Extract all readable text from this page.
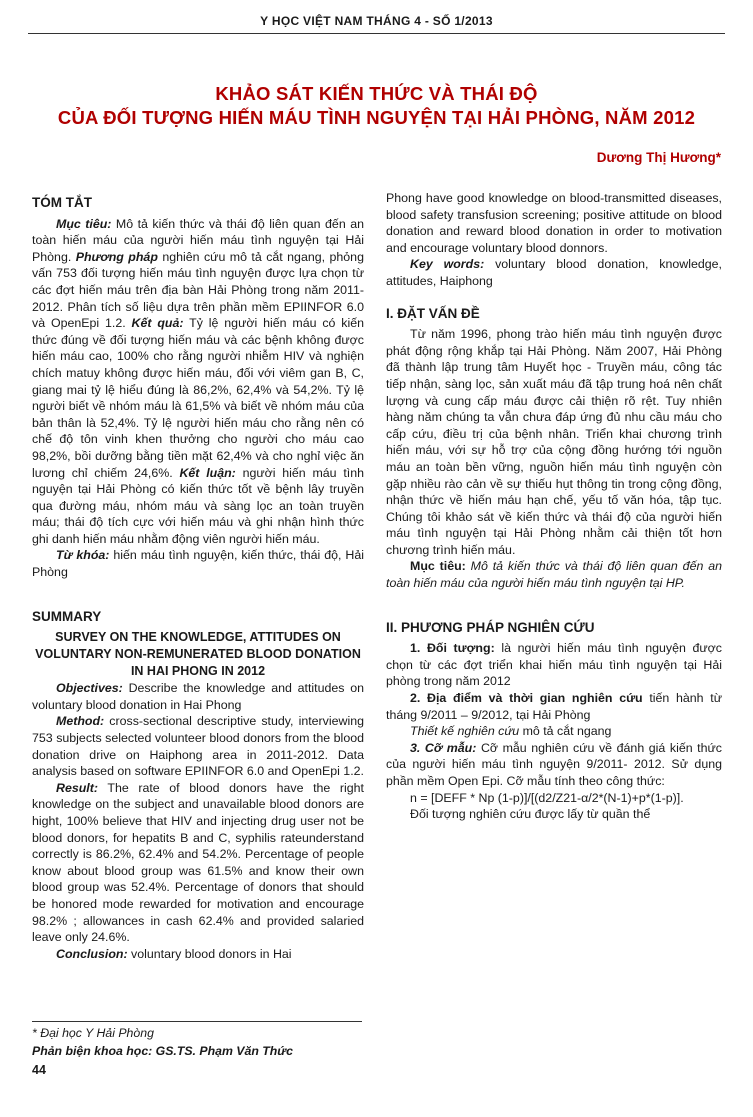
Y HỌC VIỆT NAM THÁNG 4 - SỐ 1/2013
KHẢO SÁT KIẾN THỨC VÀ THÁI ĐỘ
CỦA ĐỐI TƯỢNG HIẾN MÁU TÌNH NGUYỆN TẠI HẢI PHÒNG, NĂM 2012
Dương Thị Hương*

TÓM TẮT

Mục tiêu: Mô tả kiến thức và thái độ liên quan đến an toàn hiến máu của người hiến máu tình nguyện tại Hải Phòng. Phương pháp nghiên cứu mô tả cắt ngang, phỏng vấn 753 đối tượng hiến máu tình nguyện được lựa chọn từ các đợt hiến máu trên địa bàn Hải Phòng trong năm 2011-2012. Phân tích số liệu dựa trên phần mềm EPIINFOR 6.0 và OpenEpi 1.2. Kết quả: Tỷ lệ người hiến máu có kiến thức đúng về đối tượng hiến máu và các bệnh không được hiến máu cao, 100% cho rằng người nhiễm HIV và nghiện chích matuy không được hiến máu, đối với viêm gan B, C, giang mai tỷ lệ hiểu đúng là 86,2%, 62,4% và 54,2%. Tỷ lệ người biết về nhóm máu là 61,5% và biết về nhóm máu của bản thân là 52,4%. Tỷ lệ người hiến máu cho rằng nên có chế độ tôn vinh khen thưởng cho người cho máu cao 98,2%, bồi dưỡng bằng tiền mặt 62,4% và cho nghỉ việc ăn lương chỉ chiếm 24,6%. Kết luận: người hiến máu tình nguyện tại Hải Phòng có kiến thức tốt về bệnh lây truyền qua đường máu, nhóm máu và sàng lọc an toàn truyền máu; thái độ tích cực với hiến máu và ghi nhận hình thức ghi danh hiến máu nhằm động viên người hiến máu.

Từ khóa: hiến máu tình nguyện, kiến thức, thái độ, Hải Phòng

SUMMARY

SURVEY ON THE KNOWLEDGE, ATTITUDES ON VOLUNTARY NON-REMUNERATED BLOOD DONATION IN HAI PHONG IN 2012

Objectives: Describe the knowledge and attitudes on voluntary blood donation in Hai Phong

Method: cross-sectional descriptive study, interviewing 753 subjects selected volunteer blood donors from the blood donation drive on Haiphong area in 2011-2012. Data analysis based on software EPIINFOR 6.0 and OpenEpi 1.2.

Result: The rate of blood donors have the right knowledge on the subject and unavailable blood donors are hight, 100% believe that HIV and injecting drug user not be blood donors, for hepatits B and C, syphilis rateunderstand correctly is 86.2%, 62.4% and 54.2%. Percentage of people know about blood group was 61.5% and know their own blood group was 52.4%. Percentage of donors that should be honored mode rewarded for motivation and encourage 98.2% ; allowances in cash 62.4% and provided salaried leave only 24.6%.

Conclusion: voluntary blood donors in Hai

Phong have good knowledge on blood-transmitted diseases, blood safety transfusion screening; positive attitude on blood donation and reward blood donation in order to motivation and encourage voluntary blood donnors.

Key words: voluntary blood donation, knowledge, attitudes, Haiphong

I. ĐẶT VẤN ĐỀ

Từ năm 1996, phong trào hiến máu tình nguyện được phát động rộng khắp tại Hải Phòng. Năm 2007, Hải Phòng đã thành lập trung tâm Huyết học - Truyền máu, công tác tiếp nhận, sàng lọc, sản xuất máu đã tập trung hoá nên chất lượng và cung cấp máu được cải thiện rõ rệt. Tuy nhiên hàng năm chúng ta vẫn chưa đáp ứng đủ nhu cầu máu cho cấp cứu, điều trị của bệnh nhân. Triển khai chương trình hiến máu, với sự hỗ trợ của cộng đồng hướng tới nguồn máu an toàn bền vững, nguồn hiến máu tình nguyện còn gặp nhiều rào cản về sự thiếu hụt thông tin trong cộng đồng, nhận thức về hiến máu hạn chế, yếu tố văn hóa, tập tục. Chúng tôi khảo sát về kiến thức và thái độ của người hiến máu tình nguyện tại Hải Phòng nhằm cải thiện tốt hơn chương trình hiến máu.

Mục tiêu: Mô tả kiến thức và thái độ liên quan đến an toàn hiến máu của người hiến máu tình nguyện tại HP.

II. PHƯƠNG PHÁP NGHIÊN CỨU

1. Đối tượng: là người hiến máu tình nguyện được chọn từ các đợt triển khai hiến máu tình nguyện tại Hải phòng trong năm 2012

2. Địa điểm và thời gian nghiên cứu tiến hành từ tháng 9/2011 – 9/2012, tại Hải Phòng

Thiết kế nghiên cứu mô tả cắt ngang

3. Cỡ mẫu: Cỡ mẫu nghiên cứu về đánh giá kiến thức của người hiến máu tình nguyện 9/2011- 2012. Sử dụng phần mềm Open Epi. Cỡ mẫu tính theo công thức:

n = [DEFF * Np (1-p)]/[(d2/Z21-α/2*(N-1)+p*(1-p)].

Đối tượng nghiên cứu được lấy từ quần thể

* Đại học Y Hải Phòng
Phản biện khoa học: GS.TS. Phạm Văn Thức
44
